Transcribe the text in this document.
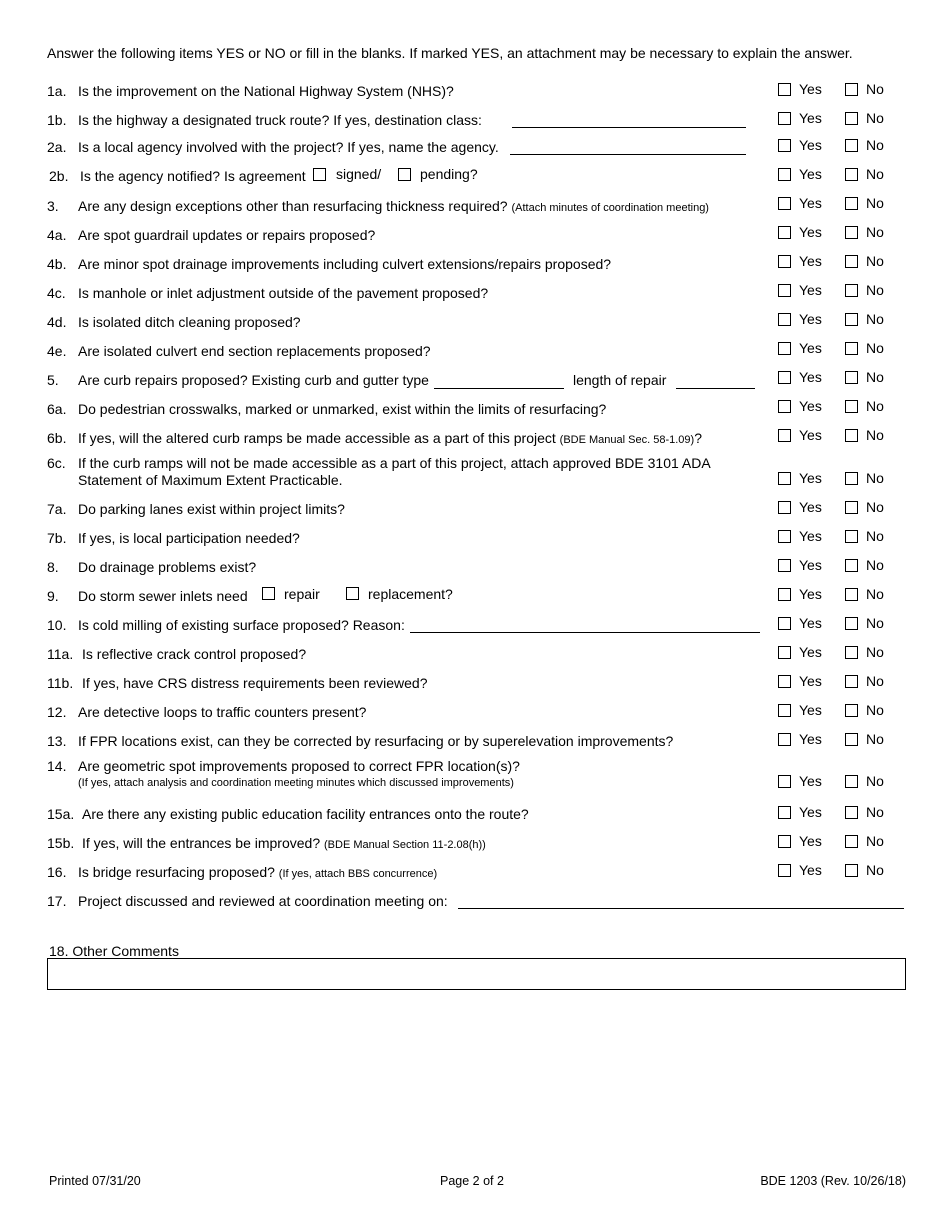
Answer the following items YES or NO or fill in the blanks. If marked YES, an attachment may be necessary to explain the answer.
1a. Is the improvement on the National Highway System (NHS)?	Yes	No
1b. Is the highway a designated truck route? If yes, destination class:	Yes	No
2a. Is a local agency involved with the project? If yes, name the agency.	Yes	No
2b. Is the agency notified? Is agreement signed/	pending?	Yes	No
3. Are any design exceptions other than resurfacing thickness required? (Attach minutes of coordination meeting)	Yes	No
4a. Are spot guardrail updates or repairs proposed?	Yes	No
4b. Are minor spot drainage improvements including culvert extensions/repairs proposed?	Yes	No
4c. Is manhole or inlet adjustment outside of the pavement proposed?	Yes	No
4d. Is isolated ditch cleaning proposed?	Yes	No
4e. Are isolated culvert end section replacements proposed?	Yes	No
5. Are curb repairs proposed? Existing curb and gutter type	length of repair	Yes	No
6a. Do pedestrian crosswalks, marked or unmarked, exist within the limits of resurfacing?	Yes	No
6b. If yes, will the altered curb ramps be made accessible as a part of this project (BDE Manual Sec. 58-1.09)?	Yes	No
6c. If the curb ramps will not be made accessible as a part of this project, attach approved BDE 3101 ADA
Statement of Maximum Extent Practicable.	Yes	No
7a. Do parking lanes exist within project limits?	Yes	No
7b. If yes, is local participation needed?	Yes	No
8. Do drainage problems exist?	Yes	No
9. Do storm sewer inlets need	repair	replacement?	Yes	No
10. Is cold milling of existing surface proposed? Reason:	Yes	No
11a. Is reflective crack control proposed?	Yes	No
11b. If yes, have CRS distress requirements been reviewed?	Yes	No
12. Are detective loops to traffic counters present?	Yes	No
13. If FPR locations exist, can they be corrected by resurfacing or by superelevation improvements?	Yes	No
14. Are geometric spot improvements proposed to correct FPR location(s)?
(If yes, attach analysis and coordination meeting minutes which discussed improvements)	Yes	No
15a. Are there any existing public education facility entrances onto the route?	Yes	No
15b. If yes, will the entrances be improved? (BDE Manual Section 11-2.08(h))	Yes	No
16. Is bridge resurfacing proposed? (If yes, attach BBS concurrence)	Yes	No
17. Project discussed and reviewed at coordination meeting on:
18. Other Comments
Printed 07/31/20	Page 2 of 2	BDE 1203 (Rev. 10/26/18)
